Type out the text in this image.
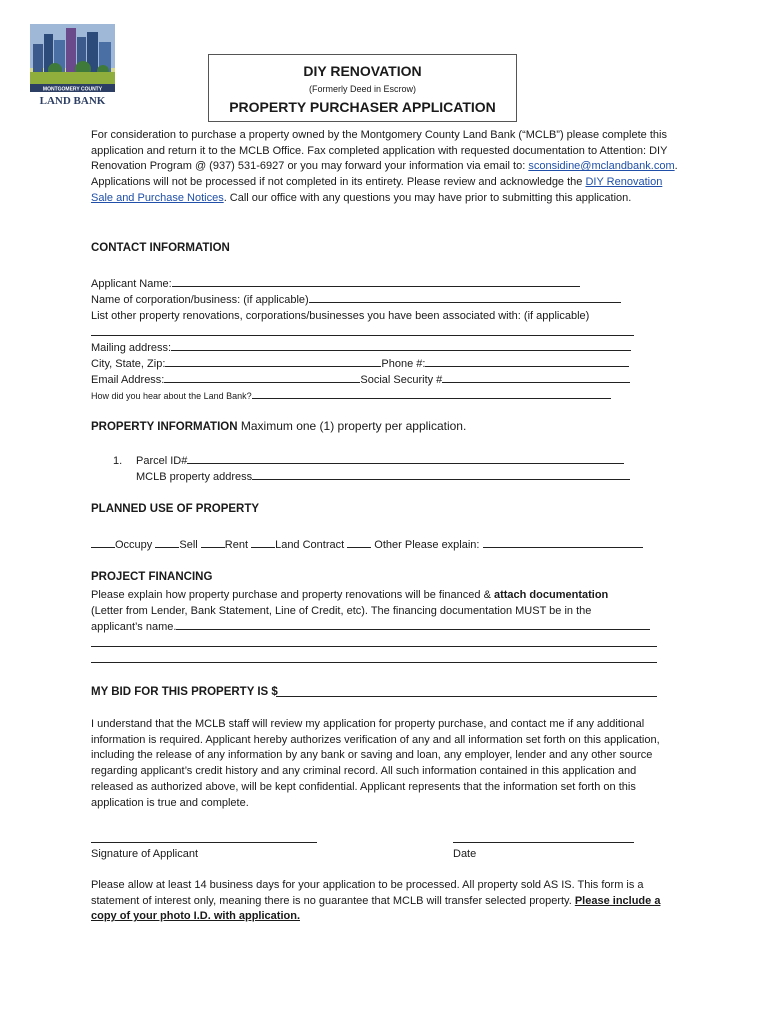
MONTGOMERY COUNTY
LAND BANK
DIY RENOVATION
(Formerly Deed in Escrow)
PROPERTY PURCHASER APPLICATION
For consideration to purchase a property owned by the Montgomery County Land Bank (“MCLB”) please complete this application and return it to the MCLB Office. Fax completed application with requested documentation to Attention: DIY Renovation Program @ (937) 531-6927 or you may forward your information via email to: sconsidine@mclandbank.com. Applications will not be processed if not completed in its entirety. Please review and acknowledge the DIY Renovation Sale and Purchase Notices. Call our office with any questions you may have prior to submitting this application.
CONTACT INFORMATION
Applicant Name:
Name of corporation/business: (if applicable)
List other property renovations, corporations/businesses you have been associated with: (if applicable)
Mailing address:
City, State, Zip:	Phone #:
Email Address:	Social Security #
How did you hear about the Land Bank?
PROPERTY INFORMATION Maximum one (1) property per application.
1. Parcel ID#
MCLB property address
PLANNED USE OF PROPERTY
Occupy Sell Rent Land Contract  Other Please explain:
PROJECT FINANCING
Please explain how property purchase and property renovations will be financed & attach documentation
(Letter from Lender, Bank Statement, Line of Credit, etc). The financing documentation MUST be in the
applicant’s name.
MY BID FOR THIS PROPERTY IS $
I understand that the MCLB staff will review my application for property purchase, and contact me if any additional information is required. Applicant hereby authorizes verification of any and all information set forth on this application, including the release of any information by any bank or saving and loan, any employer, lender and any other source regarding applicant’s credit history and any criminal record. All such information contained in this application and released as authorized above, will be kept confidential. Applicant represents that the information set forth on this application is true and complete.
Signature of Applicant	Date
Please allow at least 14 business days for your application to be processed. All property sold AS IS. This form is a statement of interest only, meaning there is no guarantee that MCLB will transfer selected property. Please include a copy of your photo I.D. with application.
